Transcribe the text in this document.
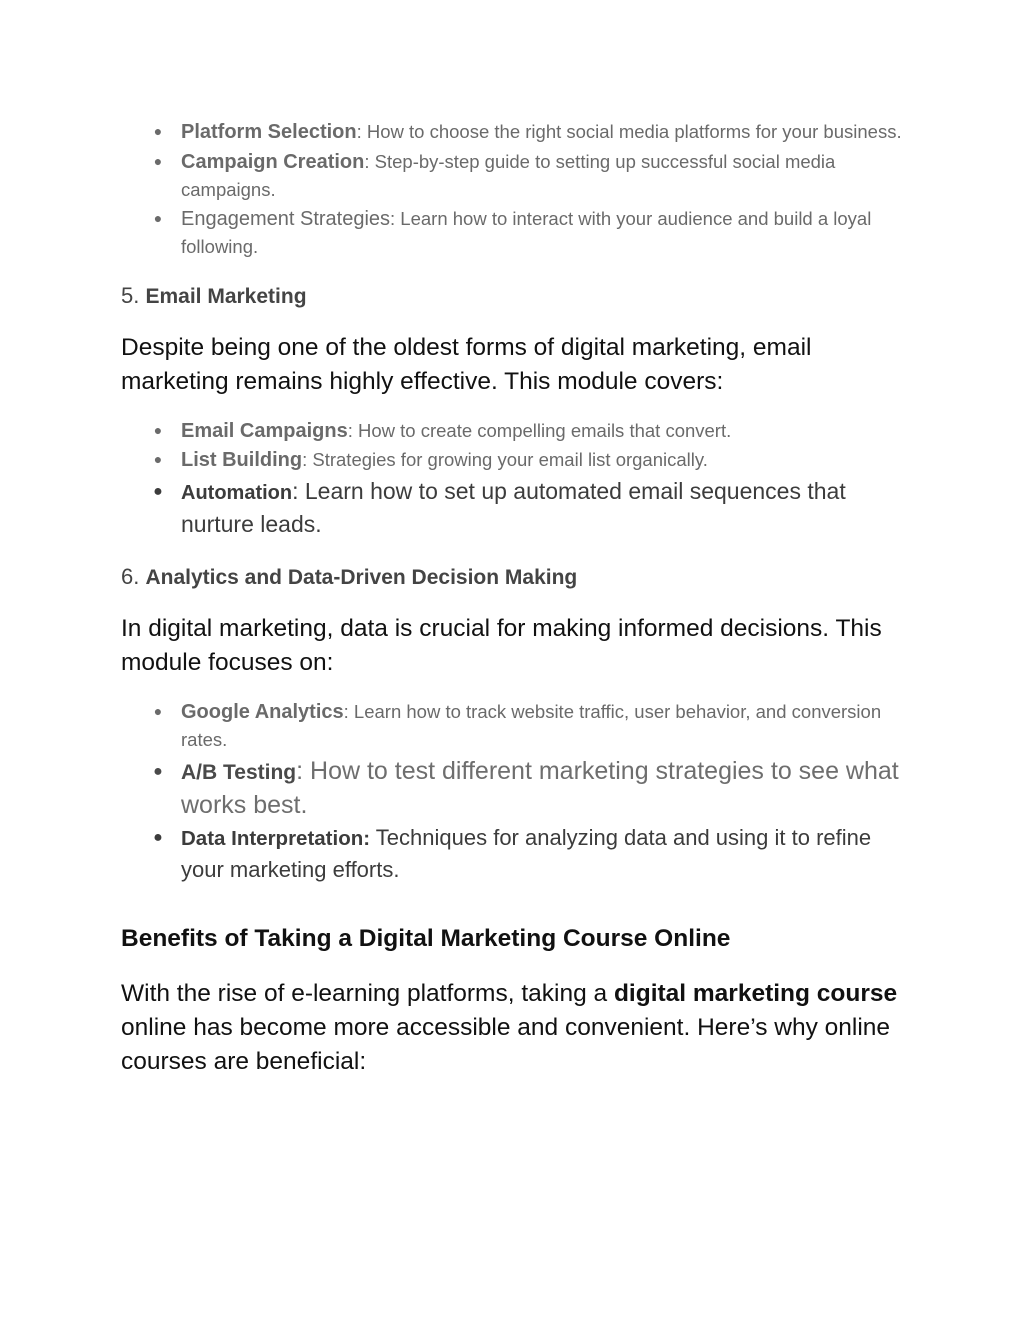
● Platform Selection: How to choose the right social media platforms for your business.
● Campaign Creation: Step-by-step guide to setting up successful social media campaigns.
● Engagement Strategies: Learn how to interact with your audience and build a loyal following.

5. Email Marketing

Despite being one of the oldest forms of digital marketing, email marketing remains highly effective. This module covers:

● Email Campaigns: How to create compelling emails that convert.
● List Building: Strategies for growing your email list organically.
● Automation: Learn how to set up automated email sequences that nurture leads.

6. Analytics and Data-Driven Decision Making

In digital marketing, data is crucial for making informed decisions. This module focuses on:

● Google Analytics: Learn how to track website traffic, user behavior, and conversion rates.
● A/B Testing: How to test different marketing strategies to see what works best.
● Data Interpretation: Techniques for analyzing data and using it to refine your marketing efforts.
Benefits of Taking a Digital Marketing Course Online

With the rise of e-learning platforms, taking a digital marketing course online has become more accessible and convenient. Here’s why online courses are beneficial:
